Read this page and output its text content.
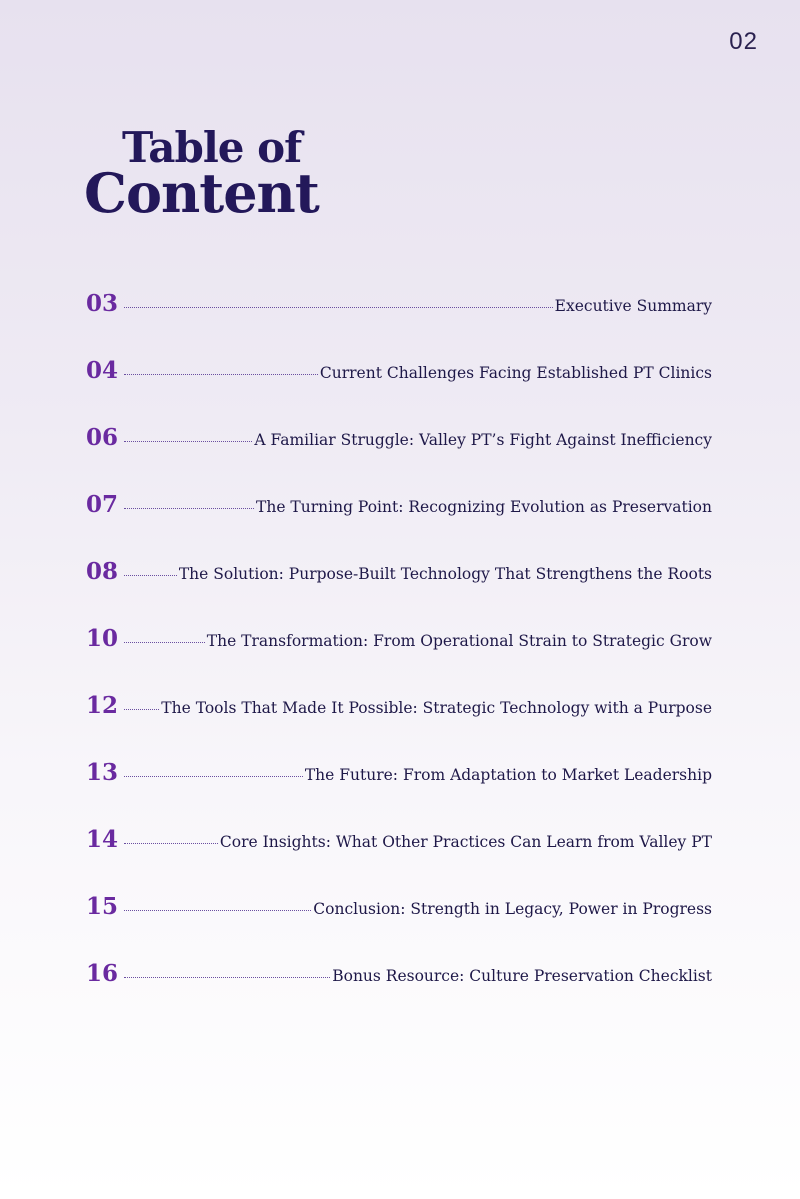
02
Table of
Content
03	Executive Summary
04	Current Challenges Facing Established PT Clinics
06	A Familiar Struggle: Valley PT’s Fight Against Inefficiency
07	The Turning Point: Recognizing Evolution as Preservation
08	The Solution: Purpose-Built Technology That Strengthens the Roots
10	The Transformation: From Operational Strain to Strategic Grow
12	The Tools That Made It Possible: Strategic Technology with a Purpose
13	The Future: From Adaptation to Market Leadership
14	Core Insights: What Other Practices Can Learn from Valley PT
15	Conclusion: Strength in Legacy, Power in Progress
16	Bonus Resource: Culture Preservation Checklist
